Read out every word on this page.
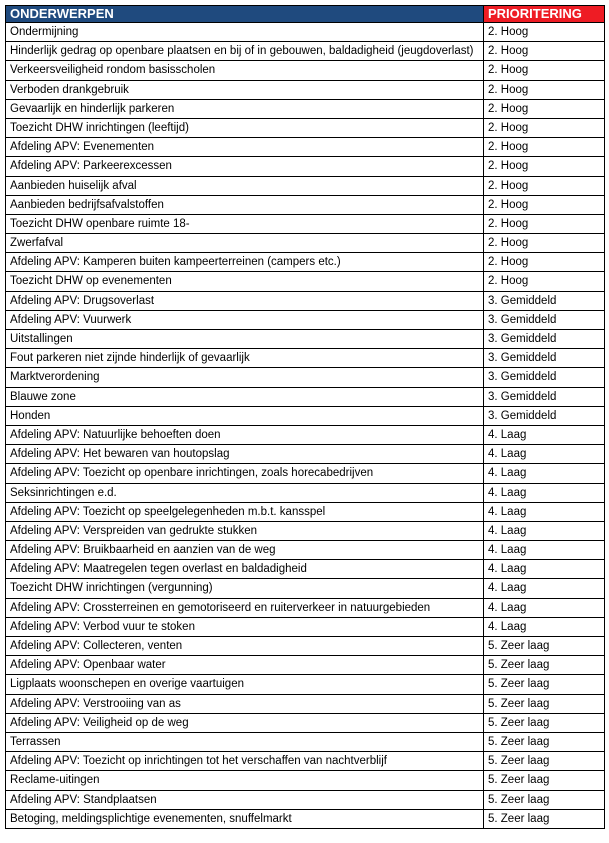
ONDERWERPEN	PRIORITERING
Ondermijning	2. Hoog
Hinderlijk gedrag op openbare plaatsen en bij of in gebouwen, baldadigheid (jeugdoverlast)	2. Hoog
Verkeersveiligheid rondom basisscholen	2. Hoog
Verboden drankgebruik	2. Hoog
Gevaarlijk en hinderlijk parkeren	2. Hoog
Toezicht DHW inrichtingen (leeftijd)	2. Hoog
Afdeling APV: Evenementen	2. Hoog
Afdeling APV: Parkeerexcessen	2. Hoog
Aanbieden huiselijk afval	2. Hoog
Aanbieden bedrijfsafvalstoffen	2. Hoog
Toezicht DHW openbare ruimte 18-	2. Hoog
Zwerfafval	2. Hoog
Afdeling APV: Kamperen buiten kampeerterreinen (campers etc.)	2. Hoog
Toezicht DHW op evenementen	2. Hoog
Afdeling APV: Drugsoverlast	3. Gemiddeld
Afdeling APV: Vuurwerk	3. Gemiddeld
Uitstallingen	3. Gemiddeld
Fout parkeren niet zijnde hinderlijk of gevaarlijk	3. Gemiddeld
Marktverordening	3. Gemiddeld
Blauwe zone	3. Gemiddeld
Honden	3. Gemiddeld
Afdeling APV: Natuurlijke behoeften doen	4. Laag
Afdeling APV: Het bewaren van houtopslag	4. Laag
Afdeling APV: Toezicht op openbare inrichtingen, zoals horecabedrijven	4. Laag
Seksinrichtingen e.d.	4. Laag
Afdeling APV: Toezicht op speelgelegenheden m.b.t. kansspel	4. Laag
Afdeling APV: Verspreiden van gedrukte stukken	4. Laag
Afdeling APV: Bruikbaarheid en aanzien van de weg	4. Laag
Afdeling APV: Maatregelen tegen overlast en baldadigheid	4. Laag
Toezicht DHW inrichtingen (vergunning)	4. Laag
Afdeling APV: Crossterreinen en gemotoriseerd en ruiterverkeer in natuurgebieden	4. Laag
Afdeling APV: Verbod vuur te stoken	4. Laag
Afdeling APV: Collecteren, venten	5. Zeer laag
Afdeling APV: Openbaar water	5. Zeer laag
Ligplaats woonschepen en overige vaartuigen	5. Zeer laag
Afdeling APV: Verstrooiing van as	5. Zeer laag
Afdeling APV: Veiligheid op de weg	5. Zeer laag
Terrassen	5. Zeer laag
Afdeling APV: Toezicht op inrichtingen tot het verschaffen van nachtverblijf	5. Zeer laag
Reclame-uitingen	5. Zeer laag
Afdeling APV: Standplaatsen	5. Zeer laag
Betoging, meldingsplichtige evenementen, snuffelmarkt	5. Zeer laag
